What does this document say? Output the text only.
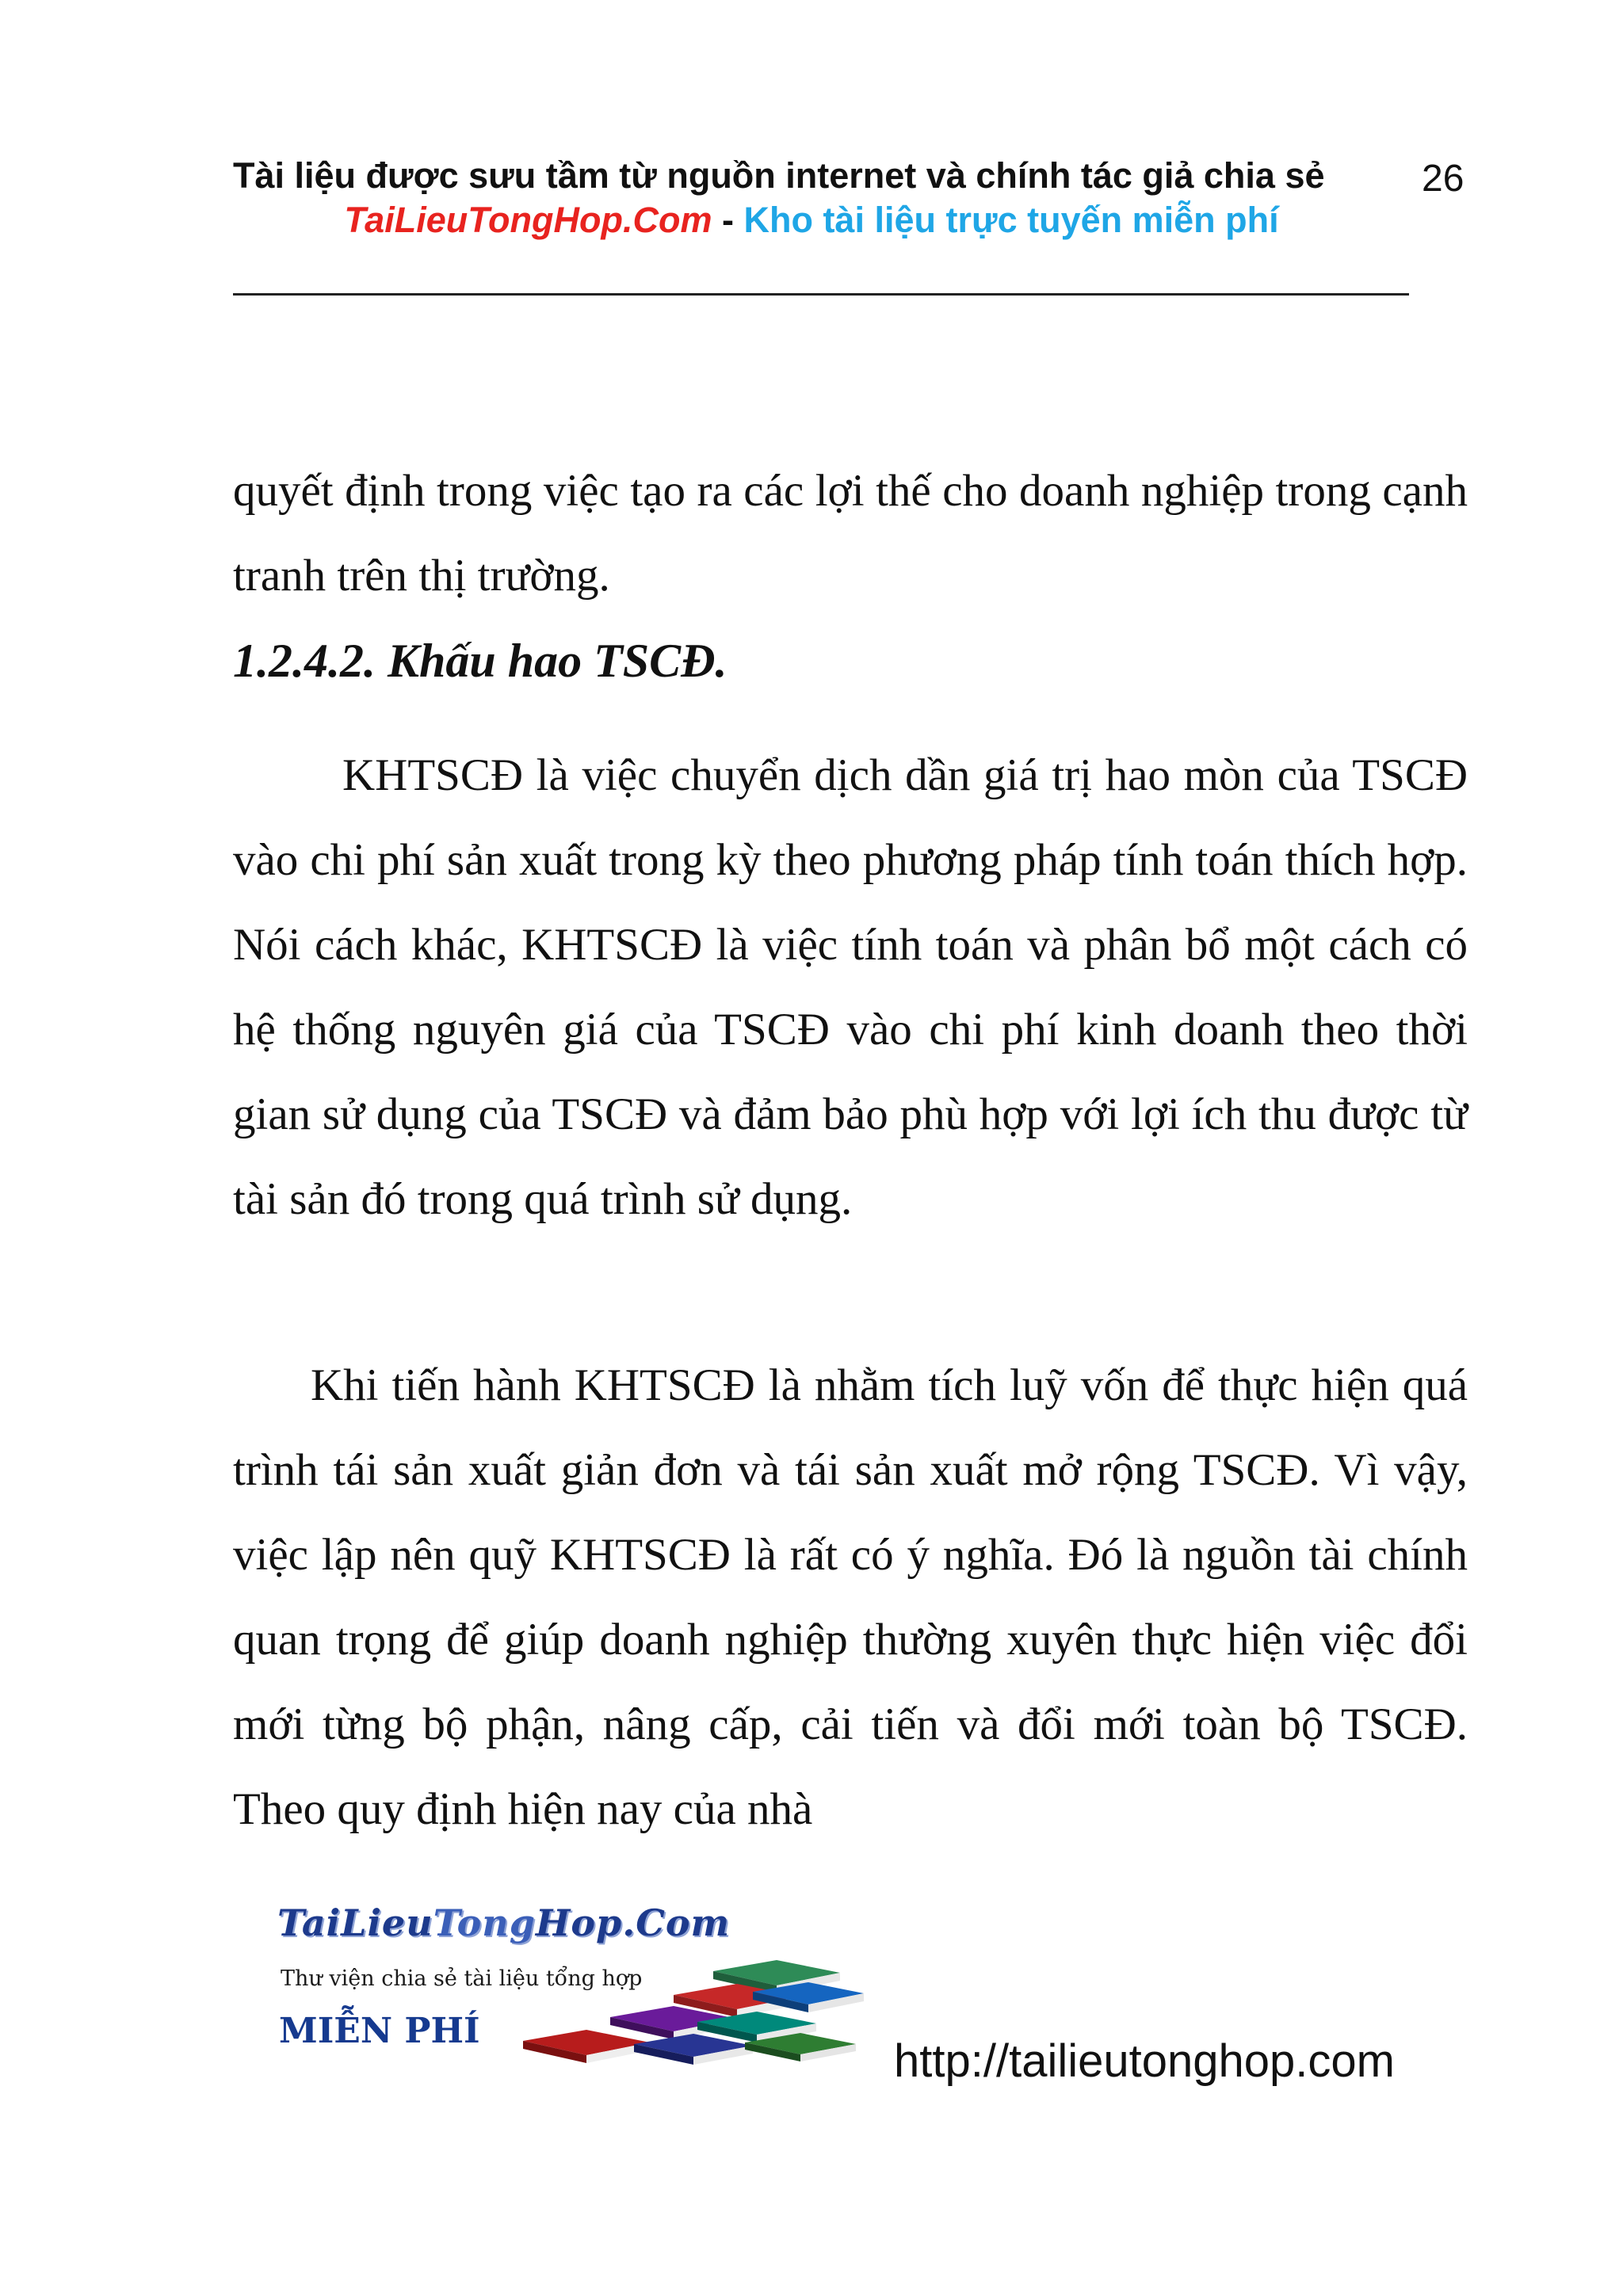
Tài liệu được sưu tầm từ nguồn internet và chính tác giả chia sẻ	26
TaiLieuTongHop.Com - Kho tài liệu trực tuyến miễn phí
quyết định trong việc tạo ra các lợi thế cho doanh nghiệp trong cạnh tranh trên thị trường.
1.2.4.2. Khấu hao TSCĐ.
KHTSCĐ là việc chuyển dịch dần giá trị hao mòn của TSCĐ vào chi phí sản xuất trong kỳ theo phương pháp tính toán thích hợp. Nói cách khác, KHTSCĐ là việc tính toán và phân bổ một cách có hệ thống nguyên giá của TSCĐ vào chi phí kinh doanh theo thời gian sử dụng của TSCĐ và đảm bảo phù hợp với lợi ích thu được từ tài sản đó trong quá trình sử dụng.
Khi tiến hành KHTSCĐ là nhằm tích luỹ vốn để thực hiện quá trình tái sản xuất giản đơn và tái sản xuất mở rộng TSCĐ. Vì vậy, việc lập nên quỹ KHTSCĐ là rất có ý nghĩa. Đó là nguồn tài chính quan trọng để giúp doanh nghiệp thường xuyên thực hiện việc đổi mới từng bộ phận, nâng cấp, cải tiến và đổi mới toàn bộ TSCĐ. Theo quy định hiện nay của nhà
TaiLieuTongHop.Com
Thư viện chia sẻ tài liệu tổng hợp
MIỄN PHÍ
http://tailieutonghop.com
